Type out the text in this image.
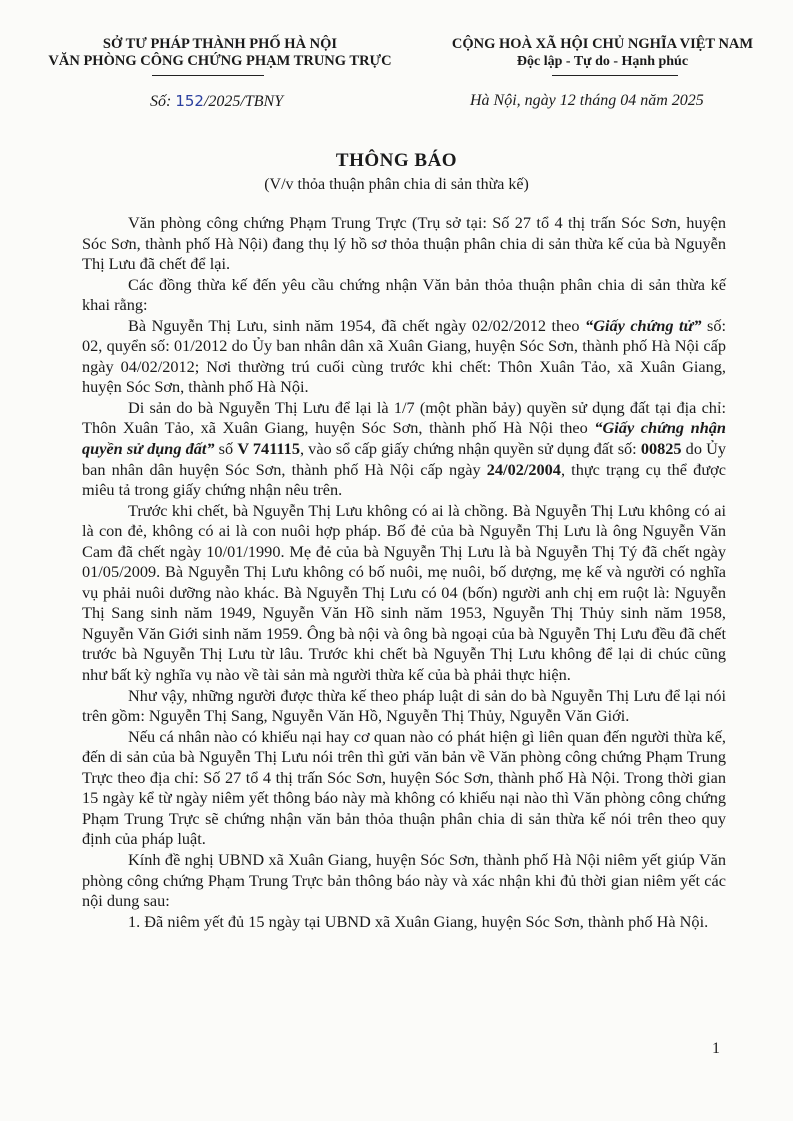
SỞ TƯ PHÁP THÀNH PHỐ HÀ NỘI
VĂN PHÒNG CÔNG CHỨNG PHẠM TRUNG TRỰC
CỘNG HOÀ XÃ HỘI CHỦ NGHĨA VIỆT NAM
Độc lập - Tự do - Hạnh phúc
Số: 152/2025/TBNY	Hà Nội, ngày 12 tháng 04 năm 2025
THÔNG BÁO
(V/v thỏa thuận phân chia di sản thừa kế)

Văn phòng công chứng Phạm Trung Trực (Trụ sở tại: Số 27 tổ 4 thị trấn Sóc Sơn, huyện Sóc Sơn, thành phố Hà Nội) đang thụ lý hồ sơ thỏa thuận phân chia di sản thừa kế của bà Nguyễn Thị Lưu đã chết để lại.

Các đồng thừa kế đến yêu cầu chứng nhận Văn bản thỏa thuận phân chia di sản thừa kế khai rằng:

Bà Nguyễn Thị Lưu, sinh năm 1954, đã chết ngày 02/02/2012 theo “Giấy chứng tử” số: 02, quyển số: 01/2012 do Ủy ban nhân dân xã Xuân Giang, huyện Sóc Sơn, thành phố Hà Nội cấp ngày 04/02/2012; Nơi thường trú cuối cùng trước khi chết: Thôn Xuân Tảo, xã Xuân Giang, huyện Sóc Sơn, thành phố Hà Nội.

Di sản do bà Nguyễn Thị Lưu để lại là 1/7 (một phần bảy) quyền sử dụng đất tại địa chỉ: Thôn Xuân Tảo, xã Xuân Giang, huyện Sóc Sơn, thành phố Hà Nội theo “Giấy chứng nhận quyền sử dụng đất” số V 741115, vào sổ cấp giấy chứng nhận quyền sử dụng đất số: 00825 do Ủy ban nhân dân huyện Sóc Sơn, thành phố Hà Nội cấp ngày 24/02/2004, thực trạng cụ thể được miêu tả trong giấy chứng nhận nêu trên.

Trước khi chết, bà Nguyễn Thị Lưu không có ai là chồng. Bà Nguyễn Thị Lưu không có ai là con đẻ, không có ai là con nuôi hợp pháp. Bố đẻ của bà Nguyễn Thị Lưu là ông Nguyễn Văn Cam đã chết ngày 10/01/1990. Mẹ đẻ của bà Nguyễn Thị Lưu là bà Nguyễn Thị Tý đã chết ngày 01/05/2009. Bà Nguyễn Thị Lưu không có bố nuôi, mẹ nuôi, bố dượng, mẹ kế và người có nghĩa vụ phải nuôi dưỡng nào khác. Bà Nguyễn Thị Lưu có 04 (bốn) người anh chị em ruột là: Nguyễn Thị Sang sinh năm 1949, Nguyễn Văn Hồ sinh năm 1953, Nguyễn Thị Thủy sinh năm 1958, Nguyễn Văn Giới sinh năm 1959. Ông bà nội và ông bà ngoại của bà Nguyễn Thị Lưu đều đã chết trước bà Nguyễn Thị Lưu từ lâu. Trước khi chết bà Nguyễn Thị Lưu không để lại di chúc cũng như bất kỳ nghĩa vụ nào về tài sản mà người thừa kế của bà phải thực hiện.

Như vậy, những người được thừa kế theo pháp luật di sản do bà Nguyễn Thị Lưu để lại nói trên gồm: Nguyễn Thị Sang, Nguyễn Văn Hồ, Nguyễn Thị Thủy, Nguyễn Văn Giới.

Nếu cá nhân nào có khiếu nại hay cơ quan nào có phát hiện gì liên quan đến người thừa kế, đến di sản của bà Nguyễn Thị Lưu nói trên thì gửi văn bản về Văn phòng công chứng Phạm Trung Trực theo địa chỉ: Số 27 tổ 4 thị trấn Sóc Sơn, huyện Sóc Sơn, thành phố Hà Nội. Trong thời gian 15 ngày kể từ ngày niêm yết thông báo này mà không có khiếu nại nào thì Văn phòng công chứng Phạm Trung Trực sẽ chứng nhận văn bản thỏa thuận phân chia di sản thừa kế nói trên theo quy định của pháp luật.

Kính đề nghị UBND xã Xuân Giang, huyện Sóc Sơn, thành phố Hà Nội niêm yết giúp Văn phòng công chứng Phạm Trung Trực bản thông báo này và xác nhận khi đủ thời gian niêm yết các nội dung sau:

1. Đã niêm yết đủ 15 ngày tại UBND xã Xuân Giang, huyện Sóc Sơn, thành phố Hà Nội.

1
